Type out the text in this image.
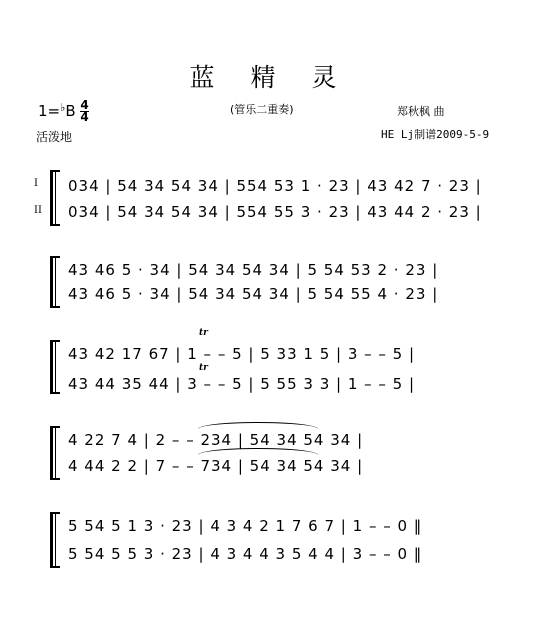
蓝 精 灵
$1=^♭B \frac{4}{4}$
活泼地
(管乐二重奏)	郑秋枫 曲
HE Lj制谱2009-5-9
I
II
034 | 54 34 54 34 | 554 53 1 · 23 | 43 42 7 · 23 |
034 | 54 34 54 34 | 554 55 3 · 23 | 43 44 2 · 23 |
43 46 5 · 34 | 54 34 54 34 | 5 54 53 2 · 23 |
43 46 5 · 34 | 54 34 54 34 | 5 54 55 4 · 23 |
tr
tr
43 42 17 67 | 1 – – 5 | 5 33 1 5 | 3 – – 5 |
43 44 35 44 | 3 – – 5 | 5 55 3 3 | 1 – – 5 |
4 22 7 4 | 2 – – 234 | 54 34 54 34 |
4 44 2 2 | 7 – – 734 | 54 34 54 34 |
5 54 5 1 3 · 23 | 4 3 4 2 1 7 6 7 | 1 – – 0 ‖
5 54 5 5 3 · 23 | 4 3 4 4 3 5 4 4 | 3 – – 0 ‖
